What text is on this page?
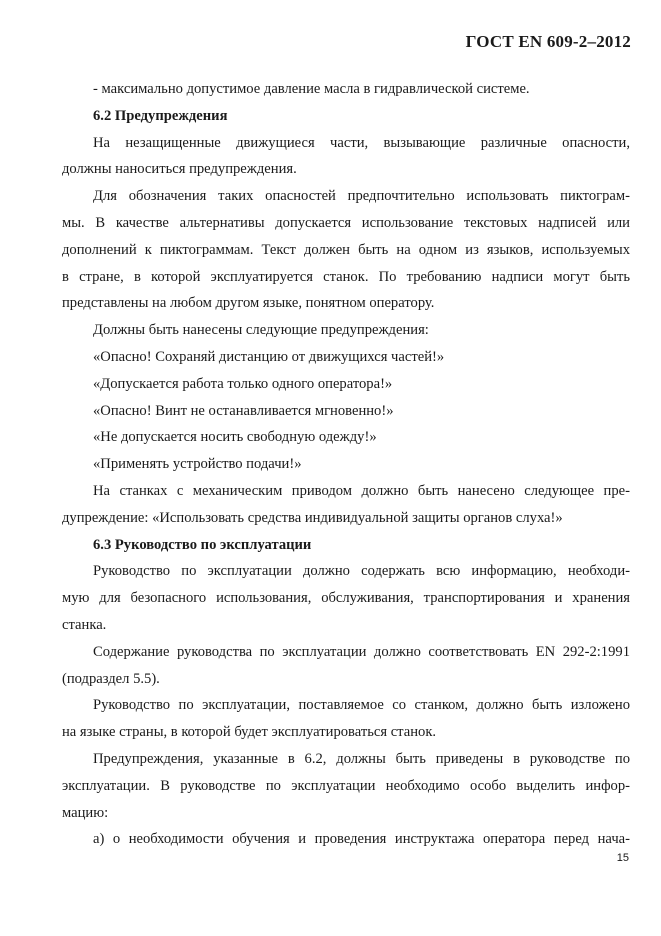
ГОСТ EN 609-2–2012
- максимально допустимое давление масла в гидравлической системе.
6.2 Предупреждения
На незащищенные движущиеся части, вызывающие различные опасности,
должны наноситься предупреждения.
Для обозначения таких опасностей предпочтительно использовать пиктограм-
мы. В качестве альтернативы допускается использование текстовых надписей или
дополнений к пиктограммам. Текст должен быть на одном из языков, используемых
в стране, в которой эксплуатируется станок. По требованию надписи могут быть
представлены на любом другом языке, понятном оператору.
Должны быть нанесены следующие предупреждения:
«Опасно! Сохраняй дистанцию от движущихся частей!»
«Допускается работа только одного оператора!»
«Опасно! Винт не останавливается мгновенно!»
«Не допускается носить свободную одежду!»
«Применять устройство подачи!»
На станках с механическим приводом должно быть нанесено следующее пре-
дупреждение: «Использовать средства индивидуальной защиты органов слуха!»
6.3 Руководство по эксплуатации
Руководство по эксплуатации должно содержать всю информацию, необходи-
мую для безопасного использования, обслуживания, транспортирования и хранения
станка.
Содержание руководства по эксплуатации должно соответствовать EN 292-2:1991
(подраздел 5.5).
Руководство по эксплуатации, поставляемое со станком, должно быть изложено
на языке страны, в которой будет эксплуатироваться станок.
Предупреждения, указанные в 6.2, должны быть приведены в руководстве по
эксплуатации. В руководстве по эксплуатации необходимо особо выделить инфор-
мацию:
а) о необходимости обучения и проведения инструктажа оператора перед нача-
15
